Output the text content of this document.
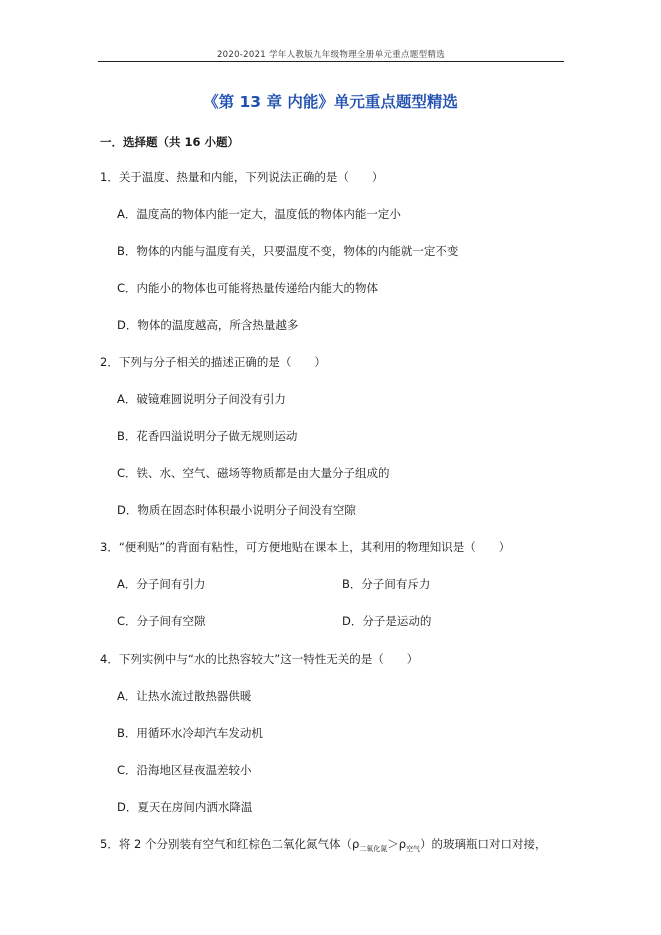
2020-2021 学年人教版九年级物理全册单元重点题型精选
《第 13 章 内能》单元重点题型精选
一．选择题（共 16 小题）
1．关于温度、热量和内能，下列说法正确的是（　　）
A．温度高的物体内能一定大，温度低的物体内能一定小
B．物体的内能与温度有关，只要温度不变，物体的内能就一定不变
C．内能小的物体也可能将热量传递给内能大的物体
D．物体的温度越高，所含热量越多
2．下列与分子相关的描述正确的是（　　）
A．破镜难圆说明分子间没有引力
B．花香四溢说明分子做无规则运动
C．铁、水、空气、磁场等物质都是由大量分子组成的
D．物质在固态时体积最小说明分子间没有空隙
3．“便利贴”的背面有粘性，可方便地贴在课本上，其利用的物理知识是（　　）
A．分子间有引力	B．分子间有斥力
C．分子间有空隙	D．分子是运动的
4．下列实例中与“水的比热容较大”这一特性无关的是（　　）
A．让热水流过散热器供暖
B．用循环水冷却汽车发动机
C．沿海地区昼夜温差较小
D．夏天在房间内洒水降温
5．将 2 个分别装有空气和红棕色二氧化氮气体$(\rho_{二氧化氮}>\rho_{空气})$的玻璃瓶口对口对接，
